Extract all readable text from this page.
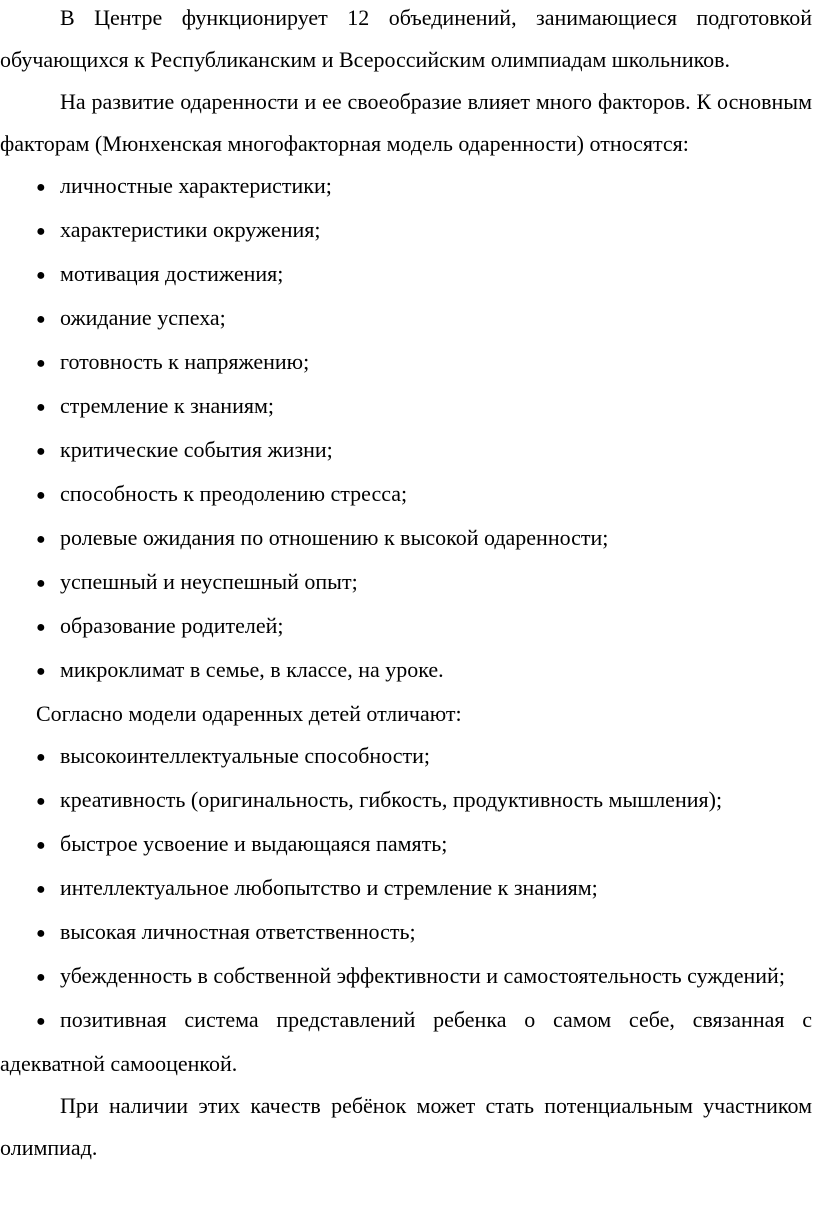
В Центре функционирует 12 объединений, занимающиеся подготовкой обучающихся к Республиканским и Всероссийским олимпиадам школьников.

На развитие одаренности и ее своеобразие влияет много факторов. К основным факторам (Мюнхенская многофакторная модель одаренности) относятся:

● личностные характеристики;

● характеристики окружения;

● мотивация достижения;

● ожидание успеха;

● готовность к напряжению;

● стремление к знаниям;

● критические события жизни;

● способность к преодолению стресса;

● ролевые ожидания по отношению к высокой одаренности;

● успешный и неуспешный опыт;

● образование родителей;

● микроклимат в семье, в классе, на уроке.

Согласно модели одаренных детей отличают:

● высокоинтеллектуальные способности;

● креативность (оригинальность, гибкость, продуктивность мышления);

● быстрое усвоение и выдающаяся память;

● интеллектуальное любопытство и стремление к знаниям;

● высокая личностная ответственность;

● убежденность в собственной эффективности и самостоятельность суждений;

● позитивная система представлений ребенка о самом себе, связанная с адекватной самооценкой.

При наличии этих качеств ребёнок может стать потенциальным участником олимпиад.
